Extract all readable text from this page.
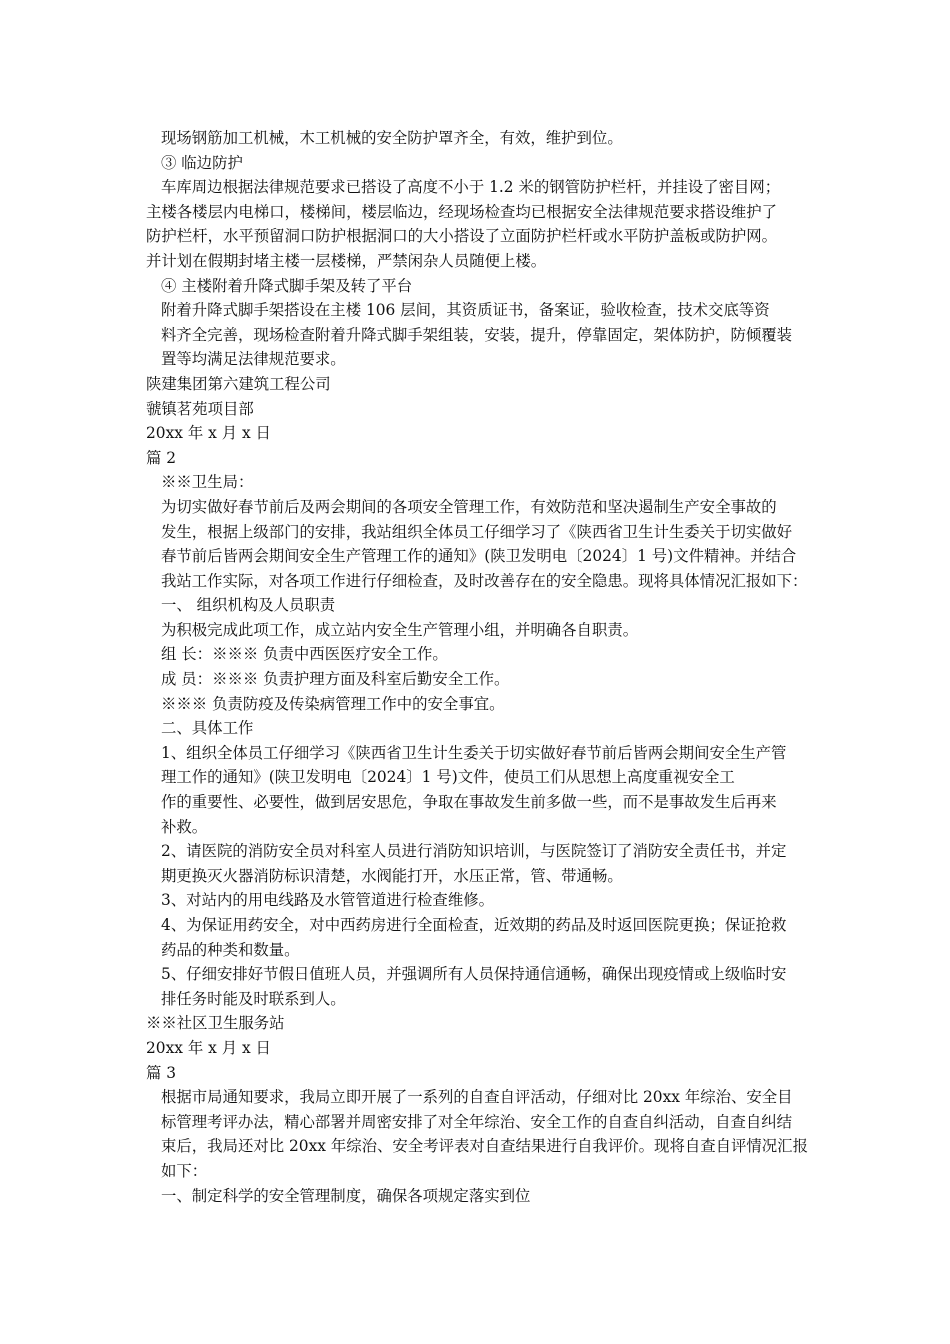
现场钢筋加工机械，木工机械的安全防护罩齐全，有效，维护到位。
③ 临边防护
车库周边根据法律规范要求已搭设了高度不小于 1.2 米的钢管防护栏杆，并挂设了密目网；
主楼各楼层内电梯口，楼梯间，楼层临边，经现场检查均已根据安全法律规范要求搭设维护了
防护栏杆，水平预留洞口防护根据洞口的大小搭设了立面防护栏杆或水平防护盖板或防护网。
并计划在假期封堵主楼一层楼梯，严禁闲杂人员随便上楼。
④ 主楼附着升降式脚手架及转了平台
附着升降式脚手架搭设在主楼 106 层间，其资质证书，备案证，验收检查，技术交底等资
料齐全完善，现场检查附着升降式脚手架组装，安装，提升，停靠固定，架体防护，防倾覆装
置等均满足法律规范要求。
陕建集团第六建筑工程公司
虢镇茗苑项目部
20xx 年 x 月 x 日
篇 2
※※卫生局：
为切实做好春节前后及两会期间的各项安全管理工作，有效防范和坚决遏制生产安全事故的
发生，根据上级部门的安排，我站组织全体员工仔细学习了《陕西省卫生计生委关于切实做好
春节前后皆两会期间安全生产管理工作的通知》(陕卫发明电〔2024〕1 号)文件精神。并结合
我站工作实际，对各项工作进行仔细检查，及时改善存在的安全隐患。现将具体情况汇报如下：
一、 组织机构及人员职责
为积极完成此项工作，成立站内安全生产管理小组，并明确各自职责。
组 长：※※※ 负责中西医医疗安全工作。
成 员：※※※ 负责护理方面及科室后勤安全工作。
※※※ 负责防疫及传染病管理工作中的安全事宜。
二、具体工作
1、组织全体员工仔细学习《陕西省卫生计生委关于切实做好春节前后皆两会期间安全生产管
理工作的通知》(陕卫发明电〔2024〕1 号)文件，使员工们从思想上高度重视安全工
作的重要性、必要性，做到居安思危，争取在事故发生前多做一些，而不是事故发生后再来
补救。
2、请医院的消防安全员对科室人员进行消防知识培训，与医院签订了消防安全责任书，并定
期更换灭火器消防标识清楚，水阀能打开，水压正常，管、带通畅。
3、对站内的用电线路及水管管道进行检查维修。
4、为保证用药安全，对中西药房进行全面检查，近效期的药品及时返回医院更换；保证抢救
药品的种类和数量。
5、仔细安排好节假日值班人员，并强调所有人员保持通信通畅，确保出现疫情或上级临时安
排任务时能及时联系到人。
※※社区卫生服务站
20xx 年 x 月 x 日
篇 3
根据市局通知要求，我局立即开展了一系列的自查自评活动，仔细对比 20xx 年综治、安全目
标管理考评办法，精心部署并周密安排了对全年综治、安全工作的自查自纠活动，自查自纠结
束后，我局还对比 20xx 年综治、安全考评表对自查结果进行自我评价。现将自查自评情况汇报
如下：
一、制定科学的安全管理制度，确保各项规定落实到位
